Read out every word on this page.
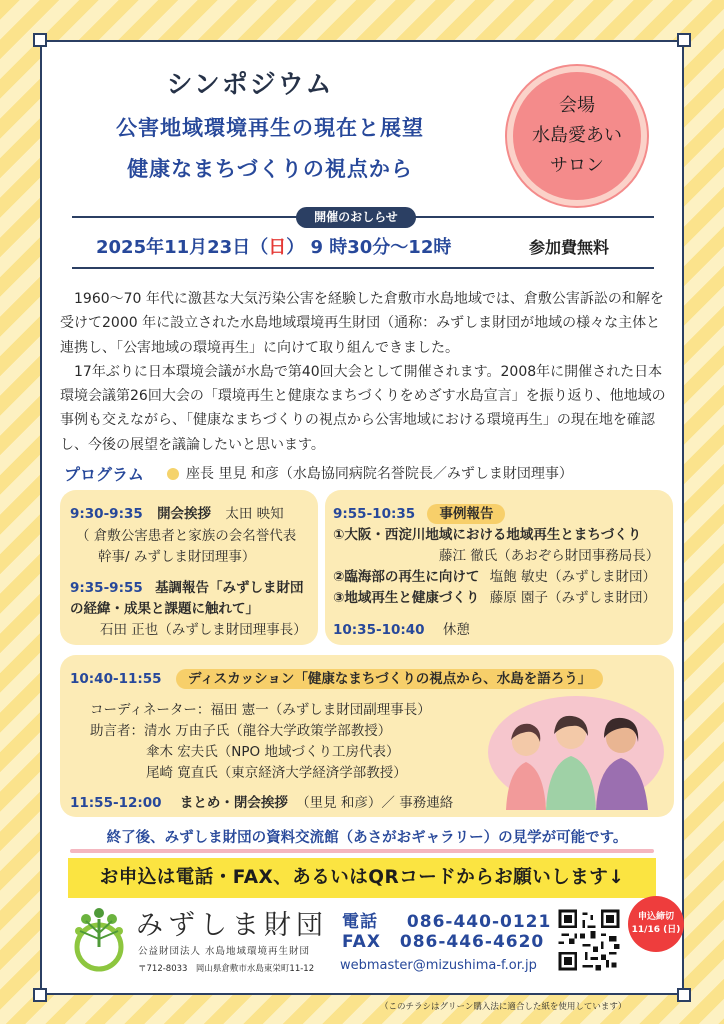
シンポジウム
公害地域環境再生の現在と展望
健康なまちづくりの視点から
会場
水島愛あい
サロン
開催のおしらせ
2025年11月23日（日） 9 時30分～12時	参加費無料

1960～70 年代に激甚な大気汚染公害を経験した倉敷市水島地域では、倉敷公害訴訟の和解を受けて2000 年に設立された水島地域環境再生財団（通称：みずしま財団が地域の様々な主体と連携し、「公害地域の環境再生」に向けて取り組んできました。

17年ぶりに日本環境会議が水島で第40回大会として開催されます。2008年に開催された日本環境会議第26回大会の「環境再生と健康なまちづくりをめざす水島宣言」を振り返り、他地域の事例も交えながら、「健康なまちづくりの視点から公害地域における環境再生」の現在地を確認し、今後の展望を議論したいと思います。

プログラム	座長 里見 和彦（水島協同病院名誉院長／みずしま財団理事）
9:30-9:35 開会挨拶 太田 映知
（ 倉敷公害患者と家族の会名誉代表
幹事/ みずしま財団理事）
9:35-9:55 基調報告「みずしま財団
の経緯・成果と課題に触れて」
石田 正也（みずしま財団理事長）
9:55-10:35 事例報告
①大阪・西淀川地域における地域再生とまちづくり
藤江 徹氏（あおぞら財団事務局長）
②臨海部の再生に向けて 塩飽 敏史（みずしま財団）
③地域再生と健康づくり 藤原 園子（みずしま財団）
10:35-10:40 休憩
10:40-11:55 ディスカッション「健康なまちづくりの視点から、水島を語ろう」
コーディネーター：福田 憲一（みずしま財団副理事長）
助言者：清水 万由子氏（龍谷大学政策学部教授）
傘木 宏夫氏（NPO 地域づくり工房代表）
尾崎 寛直氏（東京経済大学経済学部教授）
11:55-12:00 まとめ・閉会挨拶 （里見 和彦）／ 事務連絡
終了後、みずしま財団の資料交流館（あさがおギャラリー）の見学が可能です。
お申込は電話・FAX、あるいはQRコードからお願いします↓
みずしま財団
公益財団法人 水島地域環境再生財団
〒712-8033　岡山県倉敷市水島東栄町11-12
電話 086-440-0121
FAX 086-446-4620
webmaster@mizushima-f.or.jp
申込締切
11/16 (日)
（このチラシはグリーン購入法に適合した紙を使用しています）
